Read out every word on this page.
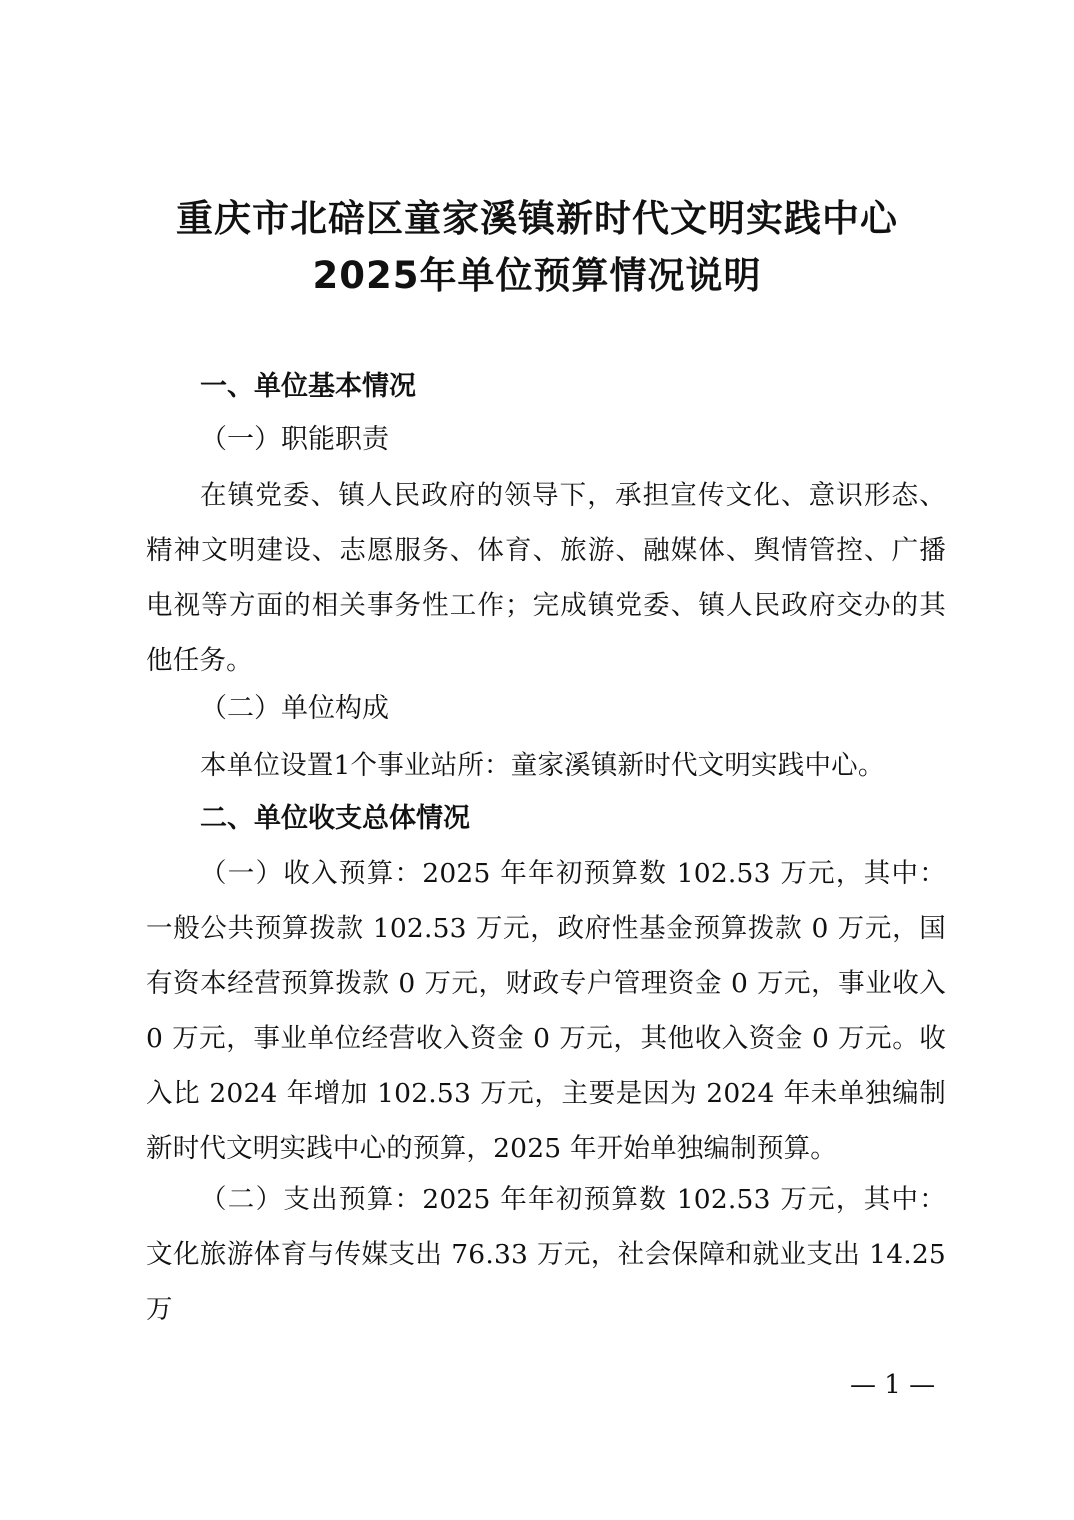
重庆市北碚区童家溪镇新时代文明实践中心
2025年单位预算情况说明
一、单位基本情况
（一）职能职责
在镇党委、镇人民政府的领导下，承担宣传文化、意识形态、精神文明建设、志愿服务、体育、旅游、融媒体、舆情管控、广播电视等方面的相关事务性工作；完成镇党委、镇人民政府交办的其他任务。
（二）单位构成
本单位设置1个事业站所：童家溪镇新时代文明实践中心。
二、单位收支总体情况
（一）收入预算：2025 年年初预算数 102.53 万元，其中：一般公共预算拨款 102.53 万元，政府性基金预算拨款 0 万元，国有资本经营预算拨款 0 万元，财政专户管理资金 0 万元，事业收入 0 万元，事业单位经营收入资金 0 万元，其他收入资金 0 万元。收入比 2024 年增加 102.53 万元，主要是因为 2024 年未单独编制新时代文明实践中心的预算，2025 年开始单独编制预算。
（二）支出预算：2025 年年初预算数 102.53 万元，其中：文化旅游体育与传媒支出 76.33 万元，社会保障和就业支出 14.25 万
— 1 —
